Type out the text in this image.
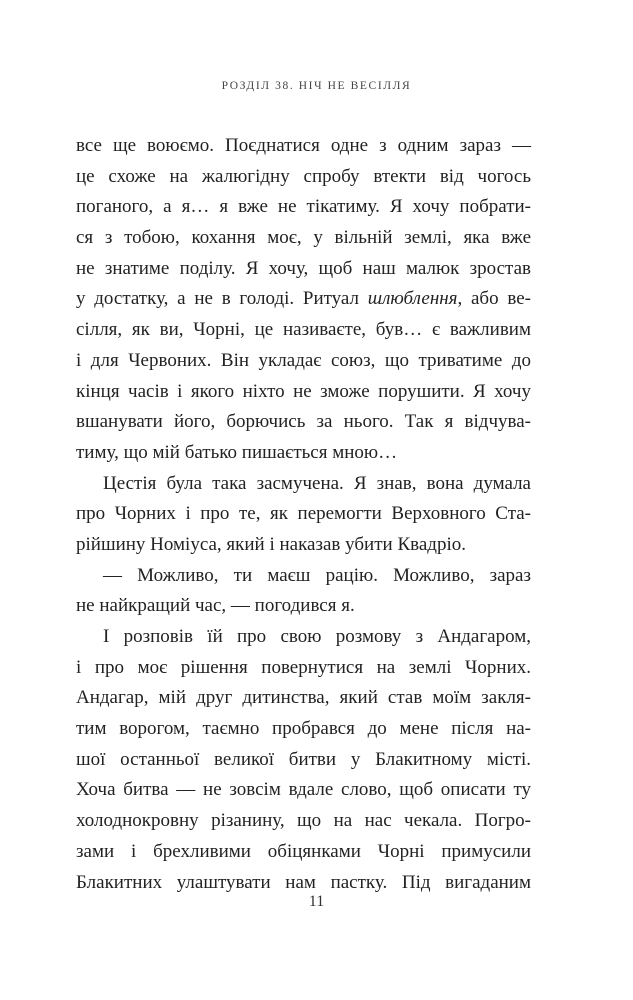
РОЗДІЛ 38. НІЧ НЕ ВЕСІЛЛЯ
все ще воюємо. Поєднатися одне з одним зараз —
це схоже на жалюгідну спробу втекти від чогось
поганого, а я… я вже не тікатиму. Я хочу побрати-
ся з тобою, кохання моє, у вільній землі, яка вже
не знатиме поділу. Я хочу, щоб наш малюк зростав
у достатку, а не в голоді. Ритуал шлюблення, або ве-
сілля, як ви, Чорні, це називаєте, був… є важливим
і для Червоних. Він укладає союз, що триватиме до
кінця часів і якого ніхто не зможе порушити. Я хочу
вшанувати його, борючись за нього. Так я відчува-
тиму, що мій батько пишається мною…
Цестія була така засмучена. Я знав, вона думала
про Чорних і про те, як перемогти Верховного Ста-
рійшину Номіуса, який і наказав убити Квадріо.
— Можливо, ти маєш рацію. Можливо, зараз
не найкращий час, — погодився я.
І розповів їй про свою розмову з Андагаром,
і про моє рішення повернутися на землі Чорних.
Андагар, мій друг дитинства, який став моїм закля-
тим ворогом, таємно пробрався до мене після на-
шої останньої великої битви у Блакитному місті.
Хоча битва — не зовсім вдале слово, щоб описати ту
холоднокровну різанину, що на нас чекала. Погро-
зами і брехливими обіцянками Чорні примусили
Блакитних улаштувати нам пастку. Під вигаданим
11
